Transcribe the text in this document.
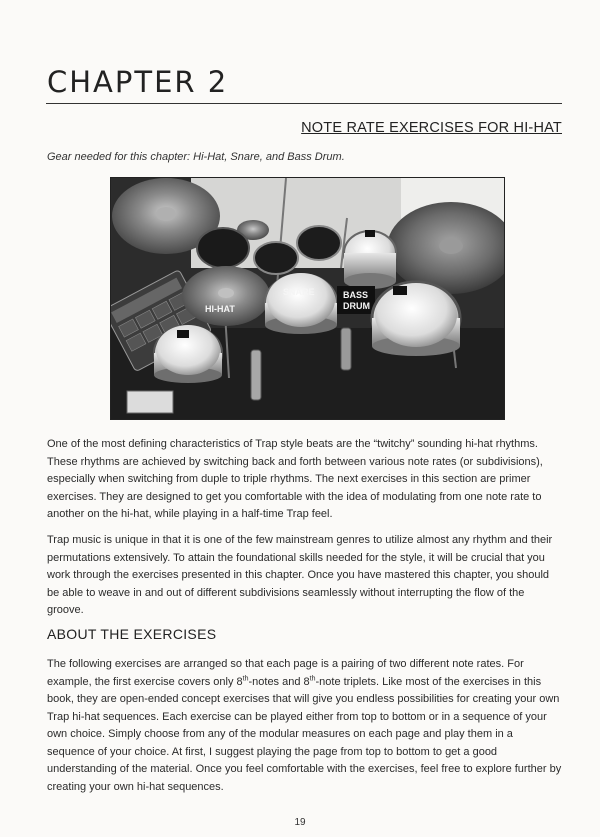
CHAPTER 2
NOTE RATE EXERCISES FOR HI-HAT

Gear needed for this chapter: Hi-Hat, Snare, and Bass Drum.

HI-HAT
SNARE	BASS
DRUM

One of the most defining characteristics of Trap style beats are the “twitchy” sounding hi-hat rhythms. These rhythms are achieved by switching back and forth between various note rates (or subdivisions), especially when switching from duple to triple rhythms. The next exercises in this section are primer exercises. They are designed to get you comfortable with the idea of modulating from one note rate to another on the hi-hat, while playing in a half-time Trap feel.

Trap music is unique in that it is one of the few mainstream genres to utilize almost any rhythm and their permutations extensively. To attain the foundational skills needed for the style, it will be crucial that you work through the exercises presented in this chapter. Once you have mastered this chapter, you should be able to weave in and out of different subdivisions seamlessly without interrupting the flow of the groove.

ABOUT THE EXERCISES

The following exercises are arranged so that each page is a pairing of two different note rates. For example, the first exercise covers only 8th-notes and 8th-note triplets. Like most of the exercises in this book, they are open-ended concept exercises that will give you endless possibilities for creating your own Trap hi-hat sequences. Each exercise can be played either from top to bottom or in a sequence of your own choice. Simply choose from any of the modular measures on each page and play them in a sequence of your choice. At first, I suggest playing the page from top to bottom to get a good understanding of the material. Once you feel comfortable with the exercises, feel free to explore further by creating your own hi-hat sequences.

19
